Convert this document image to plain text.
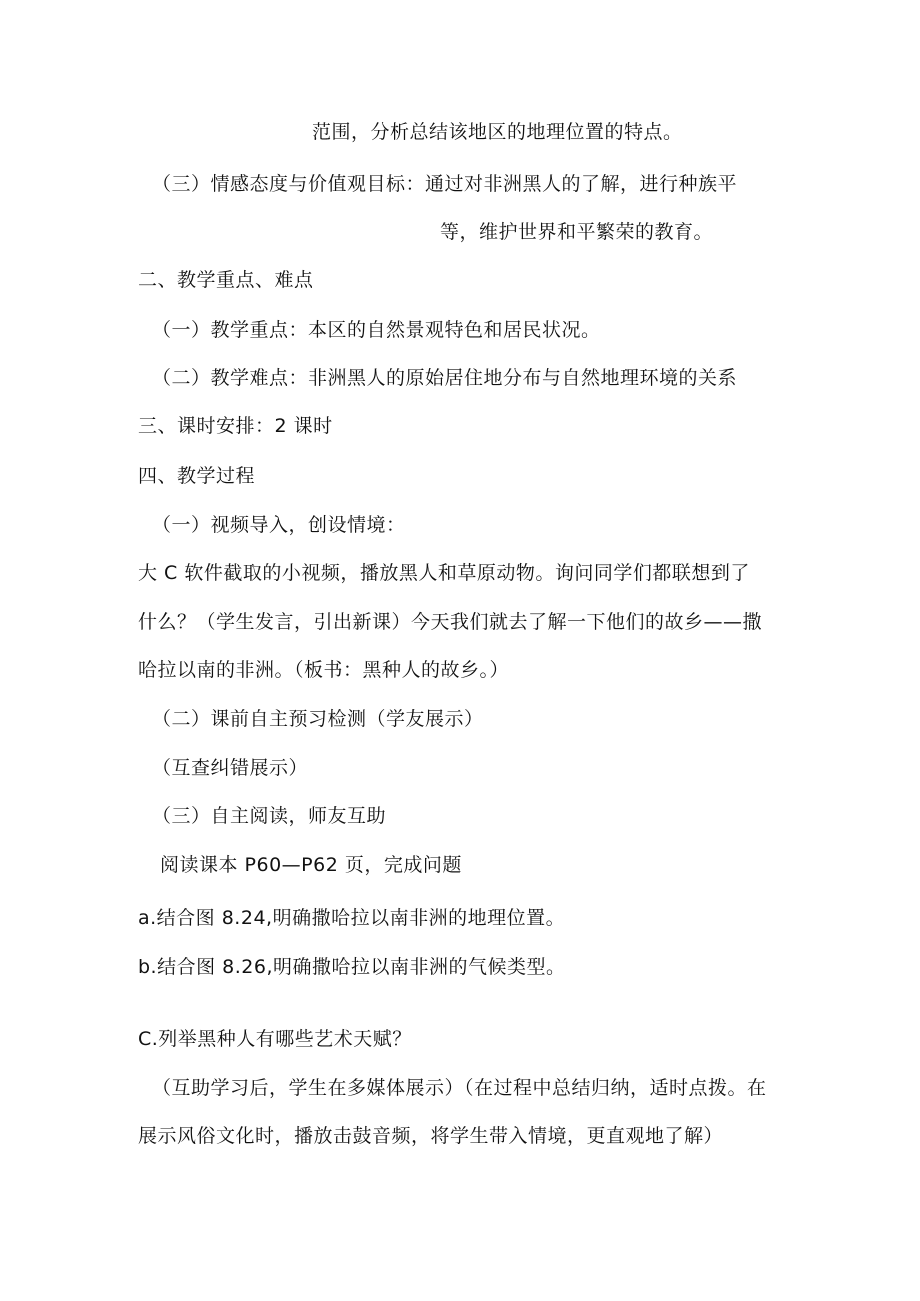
范围，分析总结该地区的地理位置的特点。
（三）情感态度与价值观目标：通过对非洲黑人的了解，进行种族平
等，维护世界和平繁荣的教育。
二、教学重点、难点
（一）教学重点：本区的自然景观特色和居民状况。
（二）教学难点：非洲黑人的原始居住地分布与自然地理环境的关系
三、课时安排：2 课时
四、教学过程
（一）视频导入，创设情境：
大 C 软件截取的小视频，播放黑人和草原动物。询问同学们都联想到了
什么？（学生发言，引出新课）今天我们就去了解一下他们的故乡——撒
哈拉以南的非洲。（板书：黑种人的故乡。）
（二）课前自主预习检测（学友展示）
（互查纠错展示）
（三）自主阅读，师友互助
阅读课本 P60—P62 页，完成问题
a.结合图 8.24,明确撒哈拉以南非洲的地理位置。
b.结合图 8.26,明确撒哈拉以南非洲的气候类型。
C.列举黑种人有哪些艺术天赋？
（互助学习后，学生在多媒体展示）（在过程中总结归纳，适时点拨。在
展示风俗文化时，播放击鼓音频，将学生带入情境，更直观地了解）
